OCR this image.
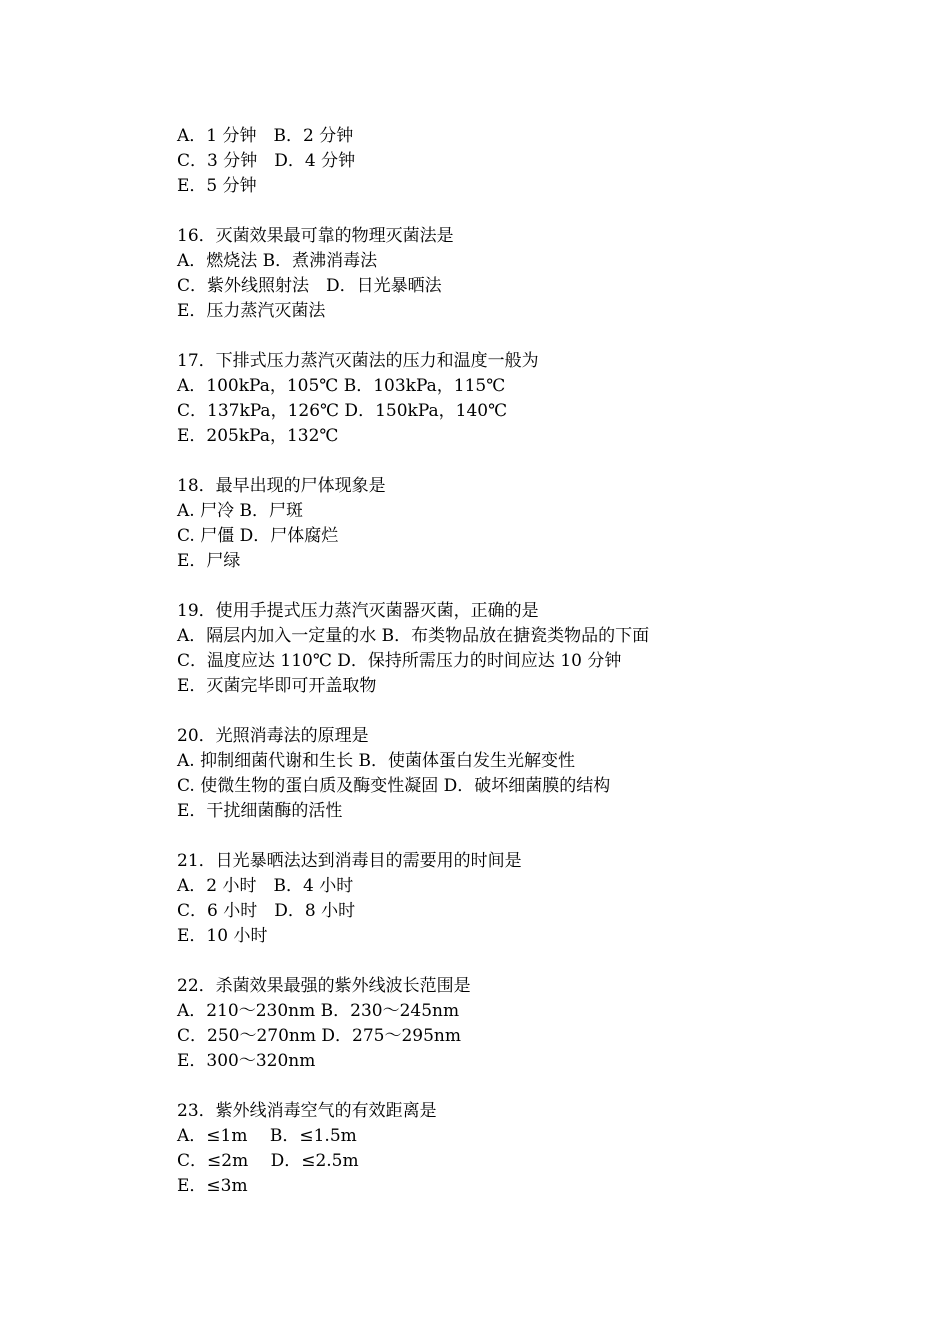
A．1 分钟　B．2 分钟
C．3 分钟　D．4 分钟
E．5 分钟
16．灭菌效果最可靠的物理灭菌法是
A．燃烧法 B．煮沸消毒法
C．紫外线照射法　D．日光暴晒法
E．压力蒸汽灭菌法
17．下排式压力蒸汽灭菌法的压力和温度一般为
A．100kPa，105℃ B．103kPa，115℃
C．137kPa，126℃ D．150kPa，140℃
E．205kPa，132℃
18．最早出现的尸体现象是
A. 尸冷 B．尸斑
C. 尸僵 D．尸体腐烂
E．尸绿
19．使用手提式压力蒸汽灭菌器灭菌，正确的是
A．隔层内加入一定量的水 B．布类物品放在搪瓷类物品的下面
C．温度应达 110℃ D．保持所需压力的时间应达 10 分钟
E．灭菌完毕即可开盖取物
20．光照消毒法的原理是
A. 抑制细菌代谢和生长 B．使菌体蛋白发生光解变性
C. 使微生物的蛋白质及酶变性凝固 D．破坏细菌膜的结构
E．干扰细菌酶的活性
21．日光暴晒法达到消毒目的需要用的时间是
A．2 小时　B．4 小时
C．6 小时　D．8 小时
E．10 小时
22．杀菌效果最强的紫外线波长范围是
A．210～230nm B．230～245nm
C．250～270nm D．275～295nm
E．300～320nm
23．紫外线消毒空气的有效距离是
A．≤1m　 B．≤1.5m
C．≤2m　 D．≤2.5m
E．≤3m
